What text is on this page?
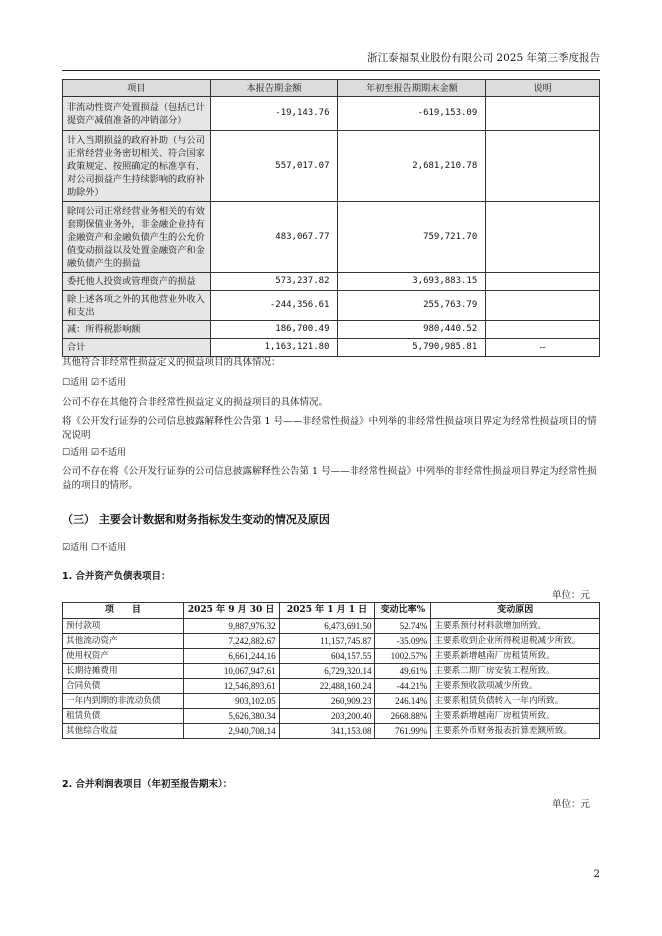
浙江泰福泵业股份有限公司 2025 年第三季度报告
项目	本报告期金额	年初至报告期期末金额	说明
非流动性资产处置损益（包括已计提资产减值准备的冲销部分）	-19,143.76	-619,153.09	
计入当期损益的政府补助（与公司正常经营业务密切相关、符合国家政策规定、按照确定的标准享有、对公司损益产生持续影响的政府补助除外）	557,017.07	2,681,210.78	
除同公司正常经营业务相关的有效套期保值业务外，非金融企业持有金融资产和金融负债产生的公允价值变动损益以及处置金融资产和金融负债产生的损益	483,067.77	759,721.70	
委托他人投资或管理资产的损益	573,237.82	3,693,883.15	
除上述各项之外的其他营业外收入和支出	-244,356.61	255,763.79	
减：所得税影响额	186,700.49	980,440.52	
合计	1,163,121.80	5,790,985.81	--
其他符合非经常性损益定义的损益项目的具体情况：
☐适用 ☑不适用
公司不存在其他符合非经常性损益定义的损益项目的具体情况。
将《公开发行证券的公司信息披露解释性公告第 1 号——非经常性损益》中列举的非经常性损益项目界定为经常性损益项目的情况说明
☐适用 ☑不适用
公司不存在将《公开发行证券的公司信息披露解释性公告第 1 号——非经常性损益》中列举的非经常性损益项目界定为经常性损益的项目的情形。
（三） 主要会计数据和财务指标发生变动的情况及原因
☑适用 ☐不适用
1. 合并资产负债表项目：
单位：元
项　　目	2025 年 9 月 30 日	2025 年 1 月 1 日	变动比率%	变动原因
预付款项	9,887,976.32	6,473,691.50	52.74%	主要系预付材料款增加所致。
其他流动资产	7,242,882.67	11,157,745.87	-35.09%	主要系收到企业所得税退税减少所致。
使用权资产	6,661,244.16	604,157.55	1002.57%	主要系新增越南厂房租赁所致。
长期待摊费用	10,067,947.61	6,729,320.14	49.61%	主要系二期厂房安装工程所致。
合同负债	12,546,893.61	22,488,160.24	-44.21%	主要系预收款项减少所致。
一年内到期的非流动负债	903,102.05	260,909.23	246.14%	主要系租赁负债转入一年内所致。
租赁负债	5,626,380.34	203,200.40	2668.88%	主要系新增越南厂房租赁所致。
其他综合收益	2,940,708.14	341,153.08	761.99%	主要系外币财务报表折算差额所致。
2. 合并利润表项目（年初至报告期末）：
单位：元
2
